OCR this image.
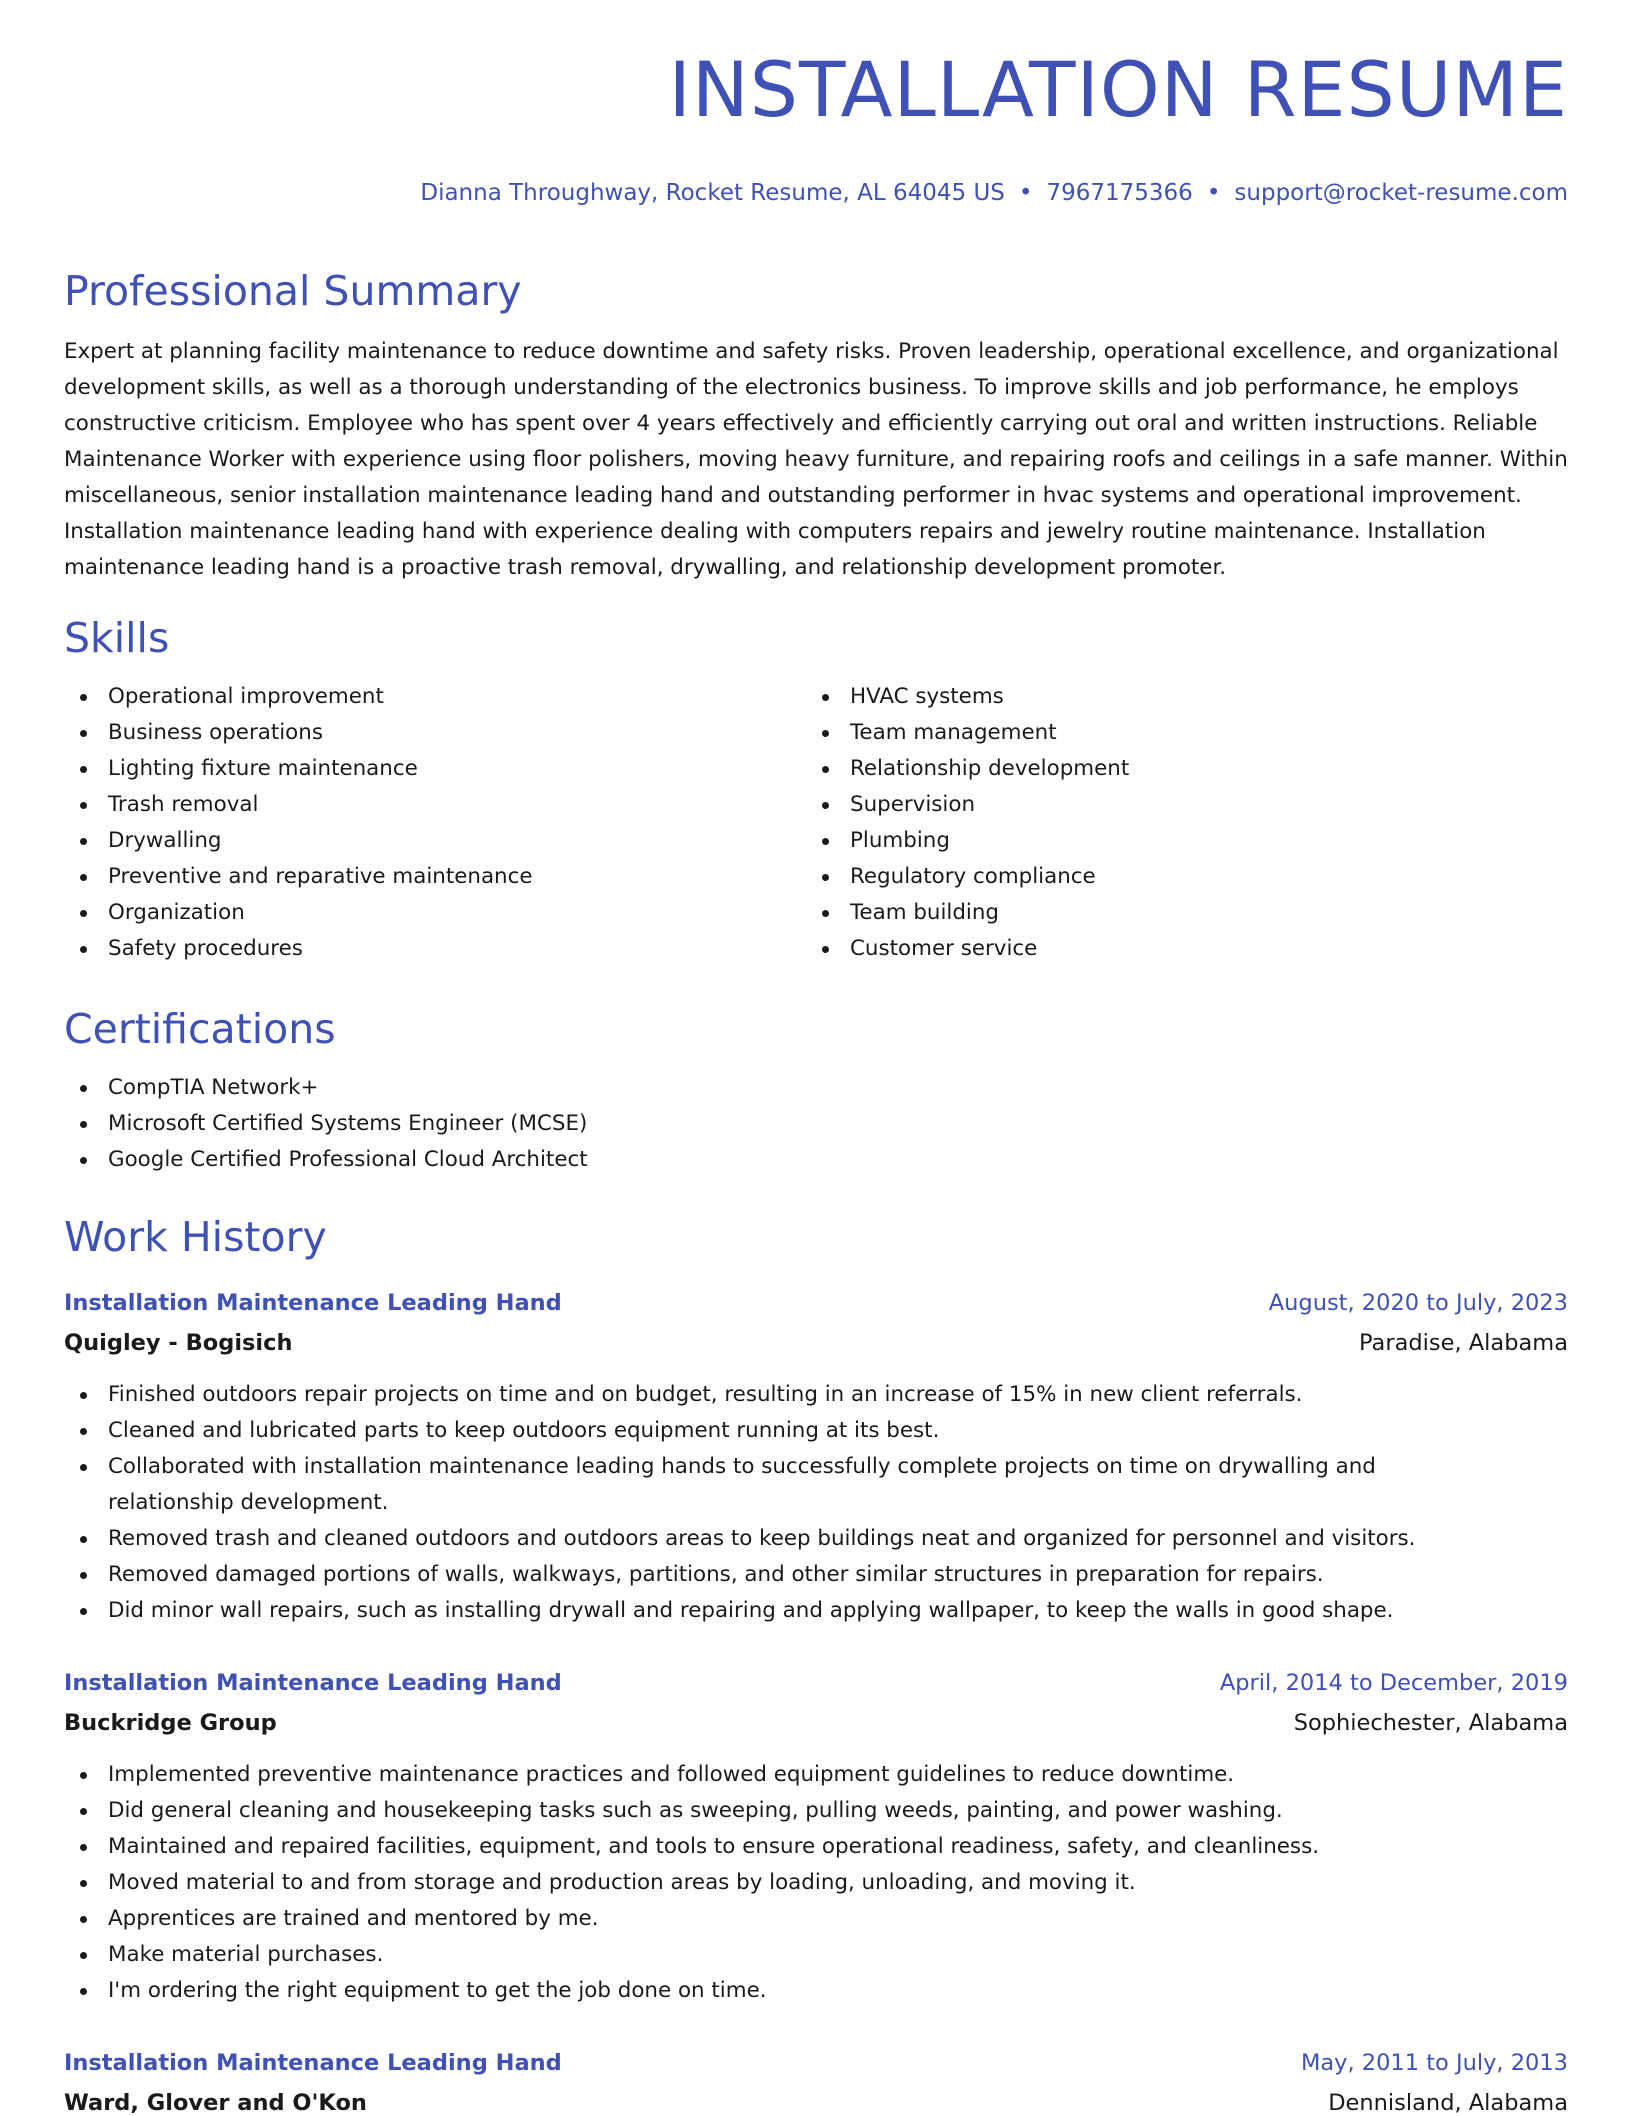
INSTALLATION RESUME
Dianna Throughway, Rocket Resume, AL 64045 US • 7967175366 • support@rocket-resume.com
Professional Summary

Expert at planning facility maintenance to reduce downtime and safety risks. Proven leadership, operational excellence, and organizational development skills, as well as a thorough understanding of the electronics business. To improve skills and job performance, he employs constructive criticism. Employee who has spent over 4 years effectively and efficiently carrying out oral and written instructions. Reliable Maintenance Worker with experience using floor polishers, moving heavy furniture, and repairing roofs and ceilings in a safe manner. Within miscellaneous, senior installation maintenance leading hand and outstanding performer in hvac systems and operational improvement. Installation maintenance leading hand with experience dealing with computers repairs and jewelry routine maintenance. Installation maintenance leading hand is a proactive trash removal, drywalling, and relationship development promoter.

Skills
Operational improvement
Business operations
Lighting fixture maintenance
Trash removal
Drywalling
Preventive and reparative maintenance
Organization
Safety procedures
HVAC systems
Team management
Relationship development
Supervision
Plumbing
Regulatory compliance
Team building
Customer service
Certifications
CompTIA Network+
Microsoft Certified Systems Engineer (MCSE)
Google Certified Professional Cloud Architect
Work History
Installation Maintenance Leading Hand	August, 2020 to July, 2023
Quigley - Bogisich	Paradise, Alabama
Finished outdoors repair projects on time and on budget, resulting in an increase of 15% in new client referrals.
Cleaned and lubricated parts to keep outdoors equipment running at its best.
Collaborated with installation maintenance leading hands to successfully complete projects on time on drywalling and relationship development.
Removed trash and cleaned outdoors and outdoors areas to keep buildings neat and organized for personnel and visitors.
Removed damaged portions of walls, walkways, partitions, and other similar structures in preparation for repairs.
Did minor wall repairs, such as installing drywall and repairing and applying wallpaper, to keep the walls in good shape.
Installation Maintenance Leading Hand	April, 2014 to December, 2019
Buckridge Group	Sophiechester, Alabama
Implemented preventive maintenance practices and followed equipment guidelines to reduce downtime.
Did general cleaning and housekeeping tasks such as sweeping, pulling weeds, painting, and power washing.
Maintained and repaired facilities, equipment, and tools to ensure operational readiness, safety, and cleanliness.
Moved material to and from storage and production areas by loading, unloading, and moving it.
Apprentices are trained and mentored by me.
Make material purchases.
I'm ordering the right equipment to get the job done on time.
Installation Maintenance Leading Hand	May, 2011 to July, 2013
Ward, Glover and O'Kon	Dennisland, Alabama
